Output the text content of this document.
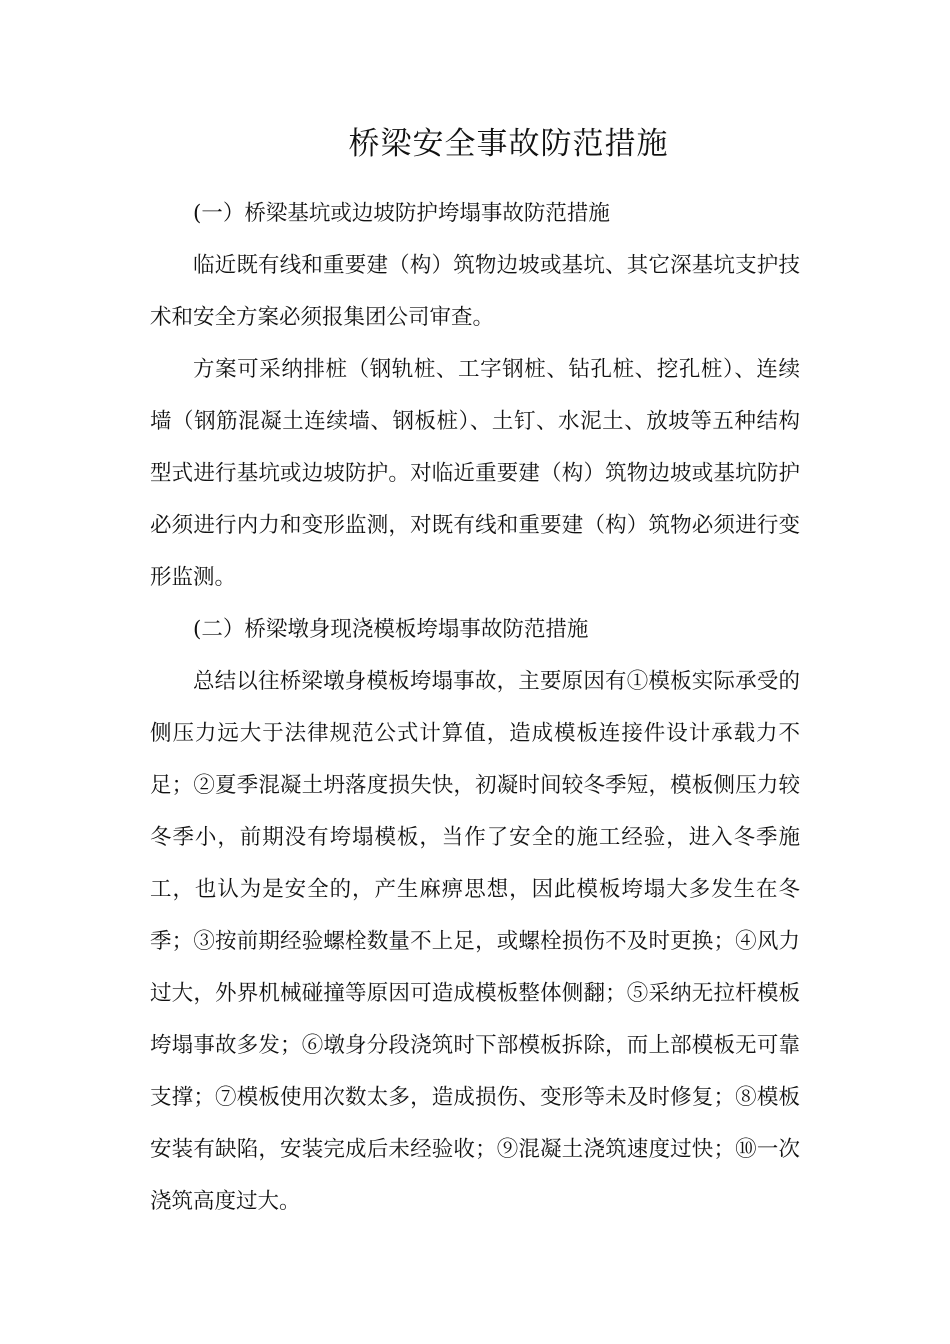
桥梁安全事故防范措施

(一）桥梁基坑或边坡防护垮塌事故防范措施

临近既有线和重要建（构）筑物边坡或基坑、其它深基坑支护技术和安全方案必须报集团公司审查。

方案可采纳排桩（钢轨桩、工字钢桩、钻孔桩、挖孔桩）、连续墙（钢筋混凝土连续墙、钢板桩）、土钉、水泥土、放坡等五种结构型式进行基坑或边坡防护。对临近重要建（构）筑物边坡或基坑防护必须进行内力和变形监测，对既有线和重要建（构）筑物必须进行变形监测。

(二）桥梁墩身现浇模板垮塌事故防范措施

总结以往桥梁墩身模板垮塌事故，主要原因有①模板实际承受的侧压力远大于法律规范公式计算值，造成模板连接件设计承载力不足；②夏季混凝土坍落度损失快，初凝时间较冬季短，模板侧压力较冬季小，前期没有垮塌模板，当作了安全的施工经验，进入冬季施工，也认为是安全的，产生麻痹思想，因此模板垮塌大多发生在冬季；③按前期经验螺栓数量不上足，或螺栓损伤不及时更换；④风力过大，外界机械碰撞等原因可造成模板整体侧翻；⑤采纳无拉杆模板垮塌事故多发；⑥墩身分段浇筑时下部模板拆除，而上部模板无可靠支撑；⑦模板使用次数太多，造成损伤、变形等未及时修复；⑧模板安装有缺陷，安装完成后未经验收；⑨混凝土浇筑速度过快；⑩一次浇筑高度过大。
